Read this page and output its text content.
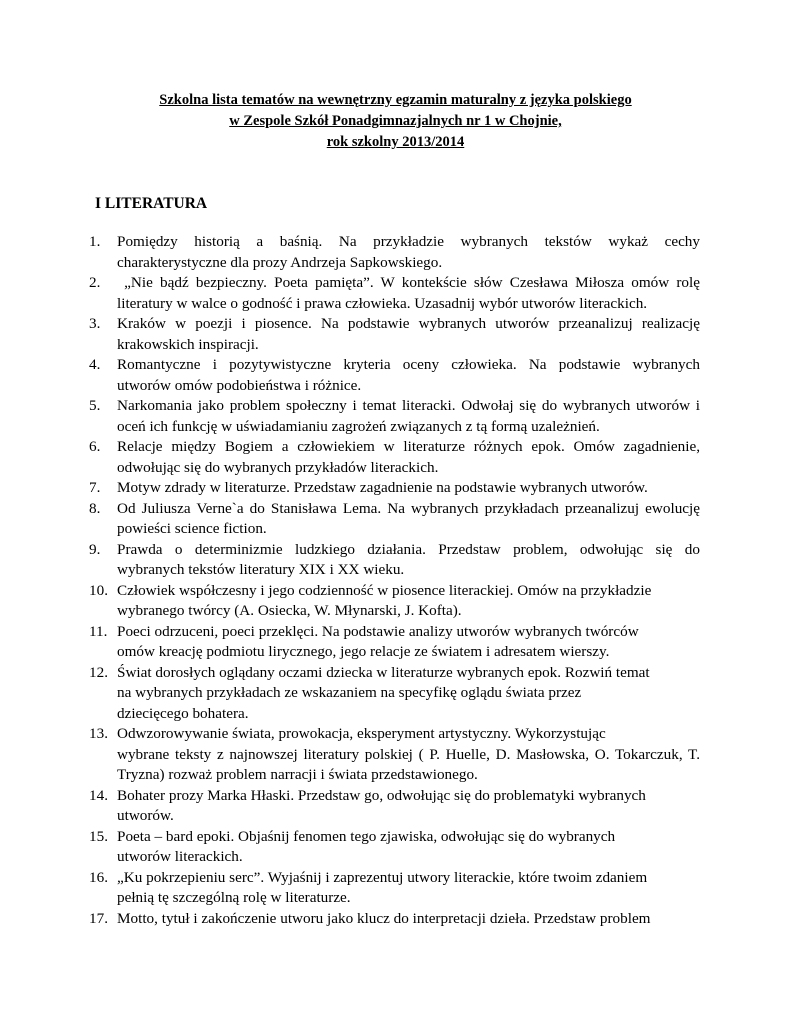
Szkolna lista tematów na wewnętrzny egzamin maturalny z języka polskiego
w Zespole Szkół Ponadgimnazjalnych nr 1 w Chojnie,
rok szkolny 2013/2014
I LITERATURA
1.	Pomiędzy historią a baśnią. Na przykładzie wybranych tekstów wykaż cechy
charakterystyczne dla prozy Andrzeja Sapkowskiego.
2.	„Nie bądź bezpieczny. Poeta pamięta”. W kontekście słów Czesława Miłosza omów rolę
literatury w walce o godność i prawa człowieka. Uzasadnij wybór utworów literackich.
3.	Kraków w poezji i piosence. Na podstawie wybranych utworów przeanalizuj realizację
krakowskich inspiracji.
4.	Romantyczne i pozytywistyczne kryteria oceny człowieka. Na podstawie wybranych
utworów omów podobieństwa i różnice.
5.	Narkomania jako problem społeczny i temat literacki. Odwołaj się do wybranych utworów i
oceń ich funkcję w uświadamianiu zagrożeń związanych z tą formą uzależnień.
6.	Relacje między Bogiem a człowiekiem w literaturze różnych epok. Omów zagadnienie,
odwołując się do wybranych przykładów literackich.
7.	Motyw zdrady w literaturze. Przedstaw zagadnienie na podstawie wybranych utworów.
8.	Od Juliusza Verne`a do Stanisława Lema. Na wybranych przykładach przeanalizuj ewolucję
powieści science fiction.
9.	Prawda o determinizmie ludzkiego działania. Przedstaw problem, odwołując się do
wybranych tekstów literatury XIX i XX wieku.
10. Człowiek współczesny i jego codzienność w piosence literackiej. Omów na przykładzie
wybranego twórcy (A. Osiecka, W. Młynarski, J. Kofta).
11. Poeci odrzuceni, poeci przeklęci. Na podstawie analizy utworów wybranych twórców
omów kreację podmiotu lirycznego, jego relacje ze światem i adresatem wierszy.
12. Świat dorosłych oglądany oczami dziecka w literaturze wybranych epok. Rozwiń temat
na wybranych przykładach ze wskazaniem na specyfikę oglądu świata przez
dziecięcego bohatera.
13. Odwzorowywanie świata, prowokacja, eksperyment artystyczny. Wykorzystując
wybrane teksty z najnowszej literatury polskiej ( P. Huelle, D. Masłowska, O. Tokarczuk, T.
Tryzna) rozważ problem narracji i świata przedstawionego.
14. Bohater prozy Marka Hłaski. Przedstaw go, odwołując się do problematyki wybranych
utworów.
15. Poeta – bard epoki. Objaśnij fenomen tego zjawiska, odwołując się do wybranych
utworów literackich.
16. „Ku pokrzepieniu serc”. Wyjaśnij i zaprezentuj utwory literackie, które twoim zdaniem
pełnią tę szczególną rolę w literaturze.
17. Motto, tytuł i zakończenie utworu jako klucz do interpretacji dzieła. Przedstaw problem
